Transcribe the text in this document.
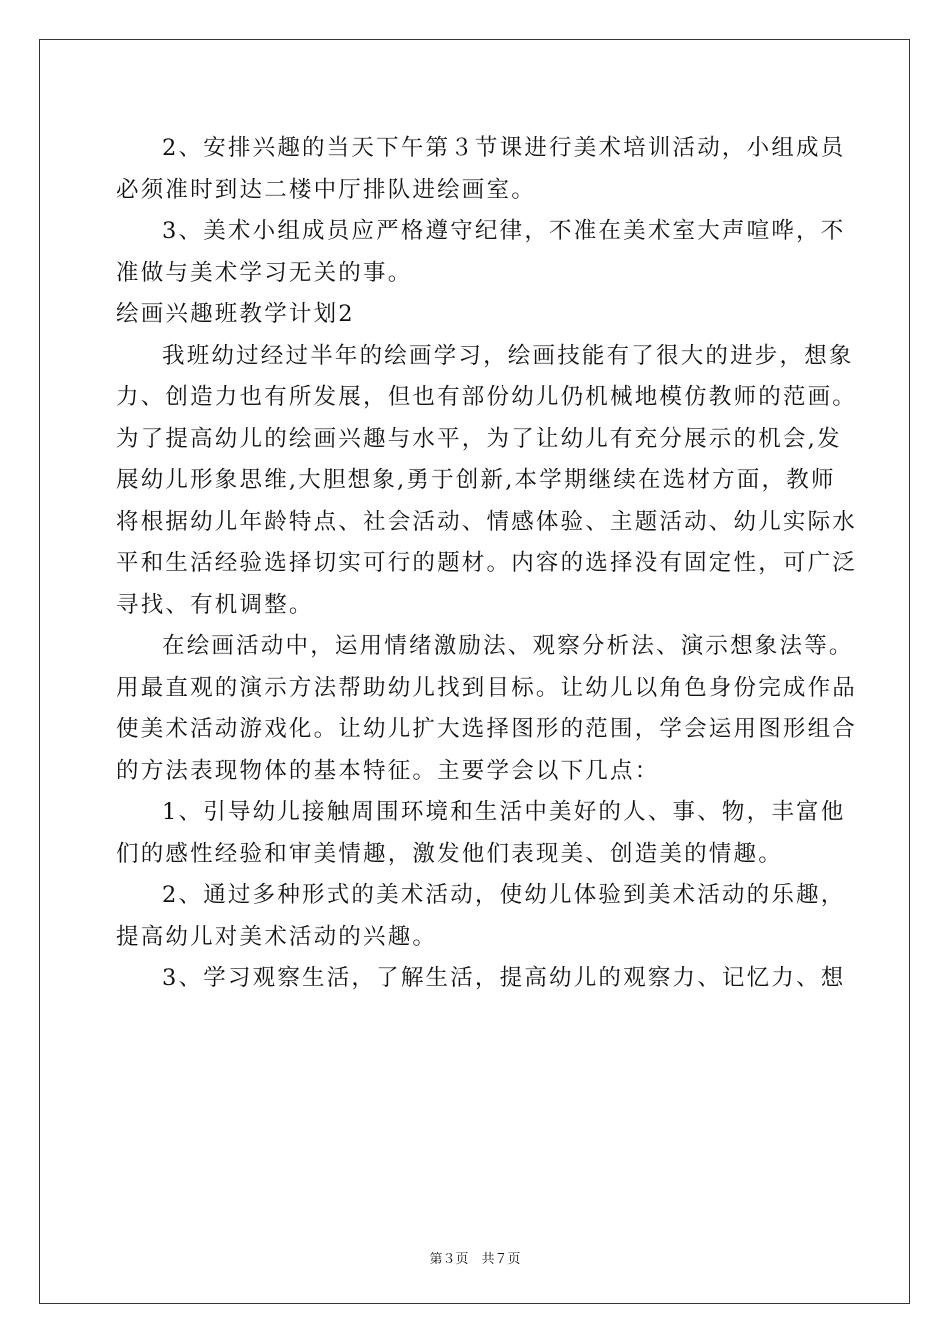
2、安排兴趣的当天下午第３节课进行美术培训活动，小组成员
必须准时到达二楼中厅排队进绘画室。
3、美术小组成员应严格遵守纪律，不准在美术室大声喧哗，不
准做与美术学习无关的事。
绘画兴趣班教学计划2
我班幼过经过半年的绘画学习，绘画技能有了很大的进步，想象
力、创造力也有所发展，但也有部份幼儿仍机械地模仿教师的范画。
为了提高幼儿的绘画兴趣与水平，为了让幼儿有充分展示的机会,发
展幼儿形象思维,大胆想象,勇于创新,本学期继续在选材方面，教师
将根据幼儿年龄特点、社会活动、情感体验、主题活动、幼儿实际水
平和生活经验选择切实可行的题材。内容的选择没有固定性，可广泛
寻找、有机调整。
在绘画活动中，运用情绪激励法、观察分析法、演示想象法等。
用最直观的演示方法帮助幼儿找到目标。让幼儿以角色身份完成作品
使美术活动游戏化。让幼儿扩大选择图形的范围，学会运用图形组合
的方法表现物体的基本特征。主要学会以下几点：
1、引导幼儿接触周围环境和生活中美好的人、事、物，丰富他
们的感性经验和审美情趣，激发他们表现美、创造美的情趣。
2、通过多种形式的美术活动，使幼儿体验到美术活动的乐趣，
提高幼儿对美术活动的兴趣。
3、学习观察生活，了解生活，提高幼儿的观察力、记忆力、想
第３页　共７页
